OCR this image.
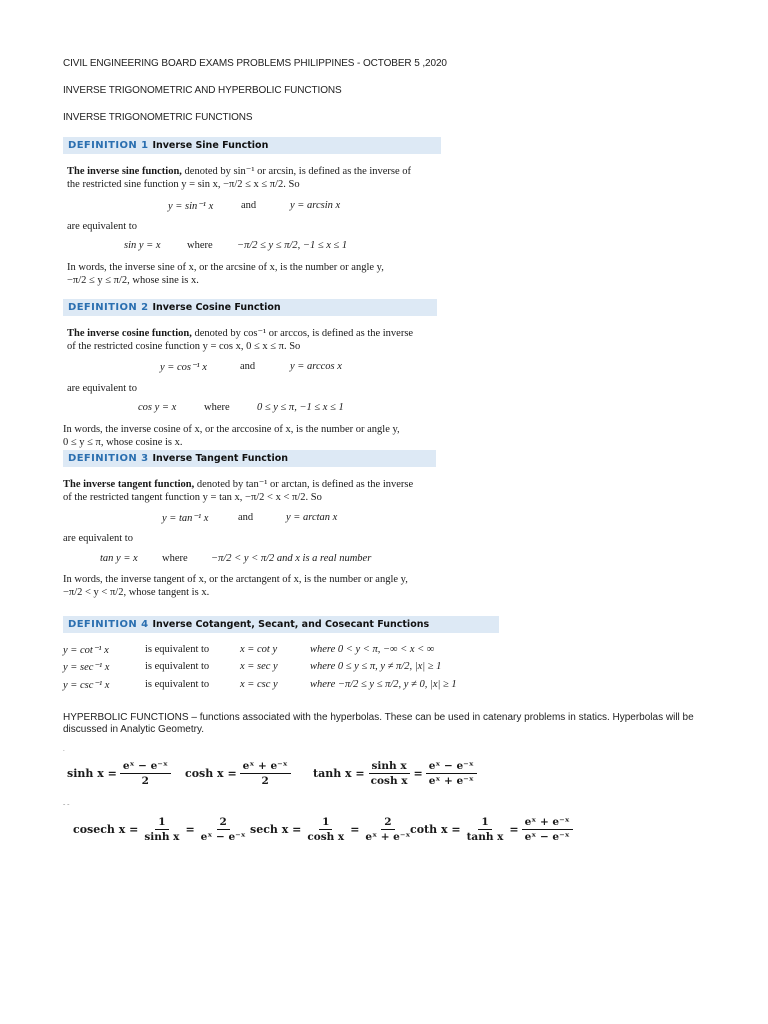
CIVIL ENGINEERING BOARD EXAMS PROBLEMS PHILIPPINES - OCTOBER 5 ,2020
INVERSE TRIGONOMETRIC AND HYPERBOLIC FUNCTIONS
INVERSE TRIGONOMETRIC FUNCTIONS
DEFINITION 1 Inverse Sine Function
The inverse sine function, denoted by sin⁻¹ or arcsin, is defined as the inverse of
the restricted sine function y = sin x, −π/2 ≤ x ≤ π/2. So
y = sin⁻¹ x	and	y = arcsin x
are equivalent to
sin y = x	where −π/2 ≤ y ≤ π/2, −1 ≤ x ≤ 1
In words, the inverse sine of x, or the arcsine of x, is the number or angle y,
−π/2 ≤ y ≤ π/2, whose sine is x.
DEFINITION 2 Inverse Cosine Function
The inverse cosine function, denoted by cos⁻¹ or arccos, is defined as the inverse
of the restricted cosine function y = cos x, 0 ≤ x ≤ π. So
y = cos⁻¹ x	and	y = arccos x
are equivalent to
cos y = x	where	0 ≤ y ≤ π, −1 ≤ x ≤ 1
In words, the inverse cosine of x, or the arccosine of x, is the number or angle y,
0 ≤ y ≤ π, whose cosine is x.
DEFINITION 3 Inverse Tangent Function
The inverse tangent function, denoted by tan⁻¹ or arctan, is defined as the inverse
of the restricted tangent function y = tan x, −π/2 < x < π/2. So
y = tan⁻¹ x	and	y = arctan x
are equivalent to
tan y = x where −π/2 < y < π/2 and x is a real number
In words, the inverse tangent of x, or the arctangent of x, is the number or angle y,
−π/2 < y < π/2, whose tangent is x.
DEFINITION 4 Inverse Cotangent, Secant, and Cosecant Functions
y = cot⁻¹ x	is equivalent to	x = cot y	where 0 < y < π, −∞ < x < ∞
y = sec⁻¹ x	is equivalent to	x = sec y	where 0 ≤ y ≤ π, y ≠ π/2, |x| ≥ 1
y = csc⁻¹ x	is equivalent to	x = csc y	where −π/2 ≤ y ≤ π/2, y ≠ 0, |x| ≥ 1
HYPERBOLIC FUNCTIONS – functions associated with the hyperbolas. These can be used in catenary problems in statics. Hyperbolas will be discussed in Analytic Geometry.
.
- -
$\sinh x = \frac{\text{eˣ − e⁻ˣ}}{2}$ $\cosh x = \frac{\text{eˣ + e⁻ˣ}}{2}$ $\tanh x = \frac{\text{sinh x}}{\text{cosh x}} = \frac{\text{eˣ − e⁻ˣ}}{\text{eˣ + e⁻ˣ}}$
cosech $x = \frac{1}{\text{sinh x}} = \frac{2}{\text{eˣ − e⁻ˣ}}$ sech $x = \frac{1}{\text{cosh x}} = \frac{2}{\text{eˣ + e⁻ˣ}}$
coth $x = \frac{1}{\text{tanh x}} = \frac{\text{eˣ + e⁻ˣ}}{\text{eˣ − e⁻ˣ}}$
